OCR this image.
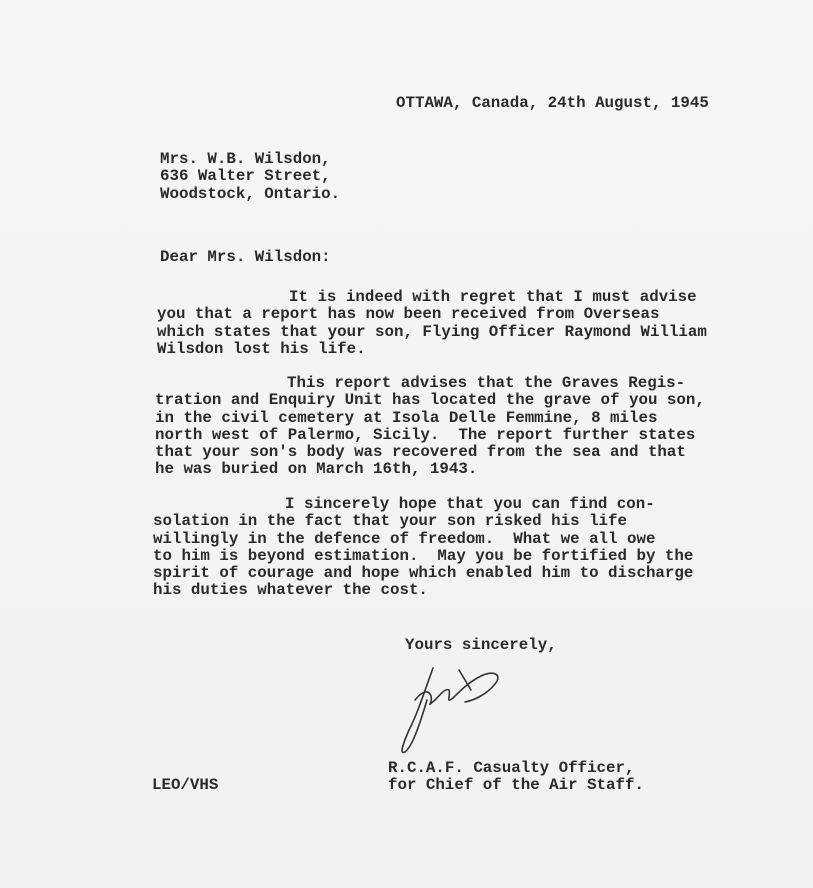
OTTAWA, Canada, 24th August, 1945
Mrs. W.B. Wilsdon,
636 Walter Street,
Woodstock, Ontario.
Dear Mrs. Wilsdon:
It is indeed with regret that I must advise
you that a report has now been received from Overseas
which states that your son, Flying Officer Raymond William
Wilsdon lost his life.
This report advises that the Graves Regis-
tration and Enquiry Unit has located the grave of you son,
in the civil cemetery at Isola Delle Femmine, 8 miles
north west of Palermo, Sicily.  The report further states
that your son's body was recovered from the sea and that
he was buried on March 16th, 1943.
I sincerely hope that you can find con-
solation in the fact that your son risked his life
willingly in the defence of freedom.  What we all owe
to him is beyond estimation.  May you be fortified by the
spirit of courage and hope which enabled him to discharge
his duties whatever the cost.
Yours sincerely,
R.C.A.F. Casualty Officer,
for Chief of the Air Staff.
LEO/VHS
